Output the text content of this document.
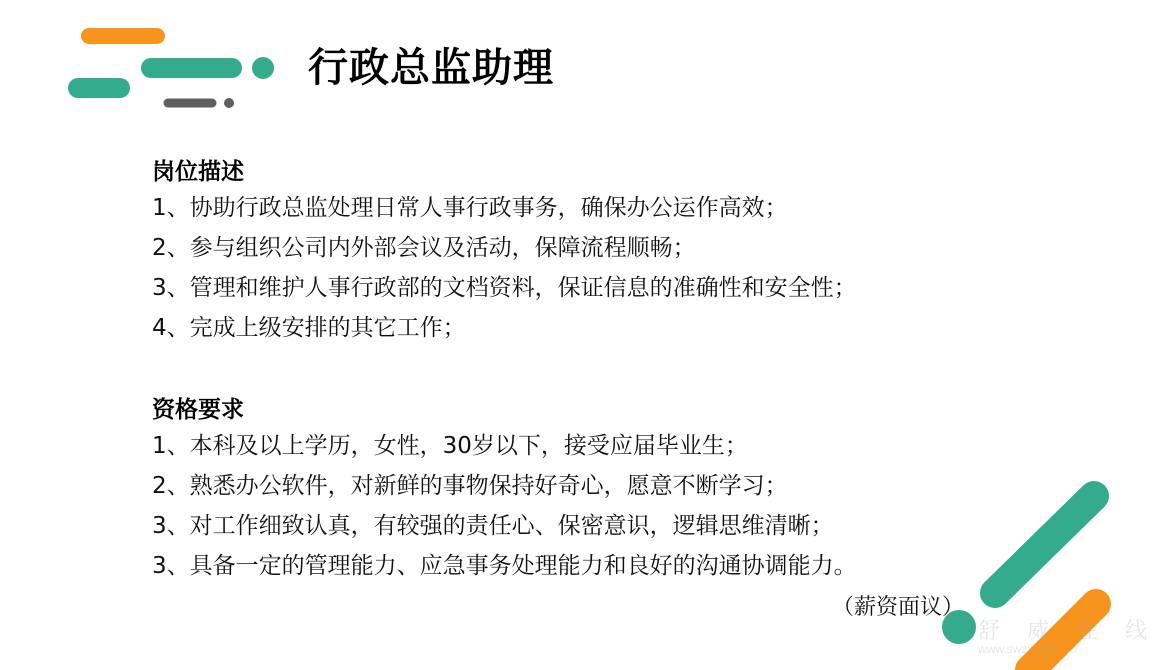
行政总监助理
岗位描述
1、协助行政总监处理日常人事行政事务，确保办公运作高效；
2、参与组织公司内外部会议及活动，保障流程顺畅；
3、管理和维护人事行政部的文档资料，保证信息的准确性和安全性；
4、完成上级安排的其它工作；
资格要求
1、本科及以上学历，女性，30岁以下，接受应届毕业生；
2、熟悉办公软件，对新鲜的事物保持好奇心，愿意不断学习；
3、对工作细致认真，有较强的责任心、保密意识，逻辑思维清晰；
3、具备一定的管理能力、应急事务处理能力和良好的沟通协调能力。
（薪资面议）
舒 威 在 线
www.swzx.com
